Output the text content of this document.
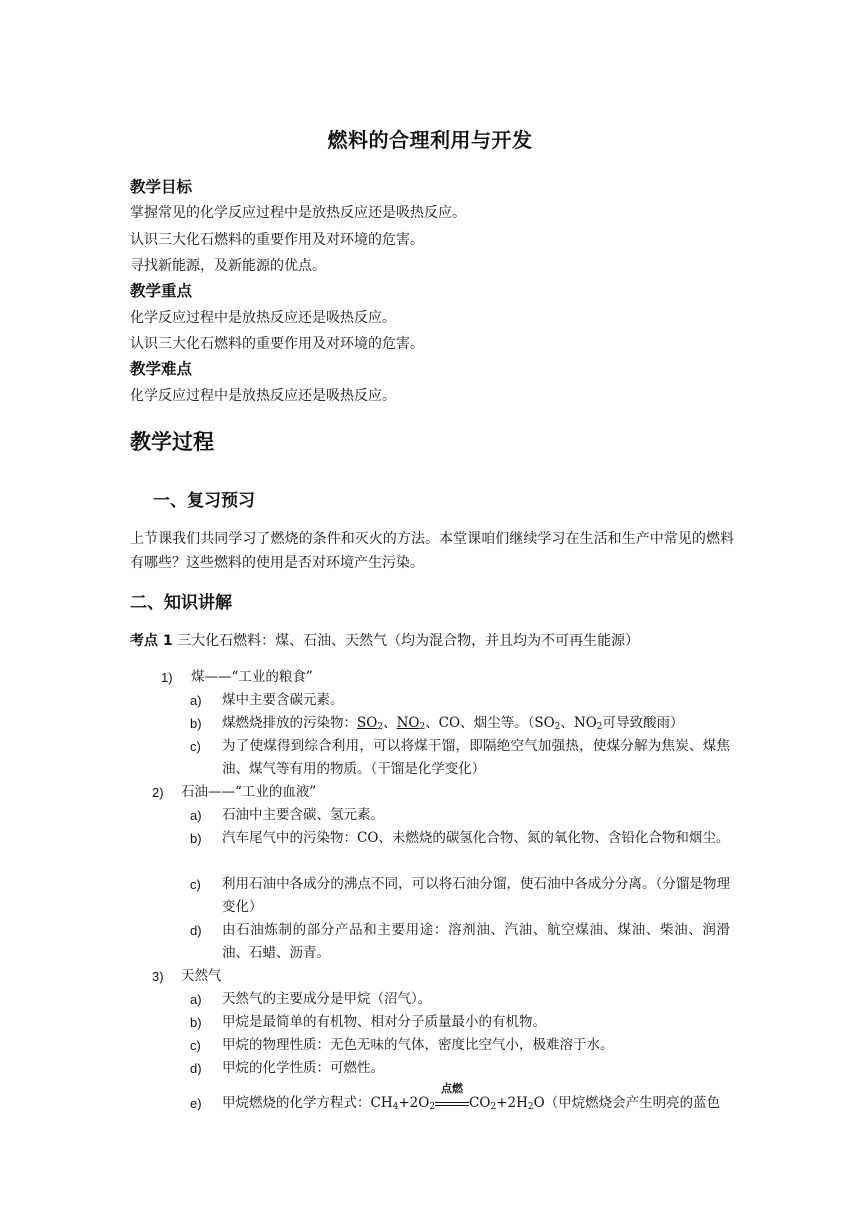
燃料的合理利用与开发
教学目标
掌握常见的化学反应过程中是放热反应还是吸热反应。
认识三大化石燃料的重要作用及对环境的危害。
寻找新能源，及新能源的优点。
教学重点
化学反应过程中是放热反应还是吸热反应。
认识三大化石燃料的重要作用及对环境的危害。
教学难点
化学反应过程中是放热反应还是吸热反应。
教学过程
一、复习预习
上节课我们共同学习了燃烧的条件和灭火的方法。本堂课咱们继续学习在生活和生产中常见的燃料有哪些？这些燃料的使用是否对环境产生污染。
二、知识讲解
考点 1 三大化石燃料：煤、石油、天然气（均为混合物，并且均为不可再生能源）
1) 煤——“工业的粮食”
a) 煤中主要含碳元素。
b) 煤燃烧排放的污染物：$SO_2$、$NO_2$、CO、烟尘等。（$SO_2$、$NO_2$可导致酸雨）
c) 为了使煤得到综合利用，可以将煤干馏，即隔绝空气加强热，使煤分解为焦炭、煤焦油、煤气等有用的物质。（干馏是化学变化）
2) 石油——“工业的血液”
a) 石油中主要含碳、氢元素。
b) 汽车尾气中的污染物：CO、未燃烧的碳氢化合物、氮的氧化物、含铅化合物和烟尘。
c) 利用石油中各成分的沸点不同，可以将石油分馏，使石油中各成分分离。（分馏是物理变化）
d) 由石油炼制的部分产品和主要用途：溶剂油、汽油、航空煤油、煤油、柴油、润滑油、石蜡、沥青。
3) 天然气
a) 天然气的主要成分是甲烷（沼气）。
b) 甲烷是最简单的有机物、相对分子质量最小的有机物。
c) 甲烷的物理性质：无色无味的气体，密度比空气小，极难溶于水。
d) 甲烷的化学性质：可燃性。
e) 甲烷燃烧的化学方程式：$CH_4+2O_2$
点燃
$CO_2+2H_2O$（甲烷燃烧会产生明亮的蓝色
